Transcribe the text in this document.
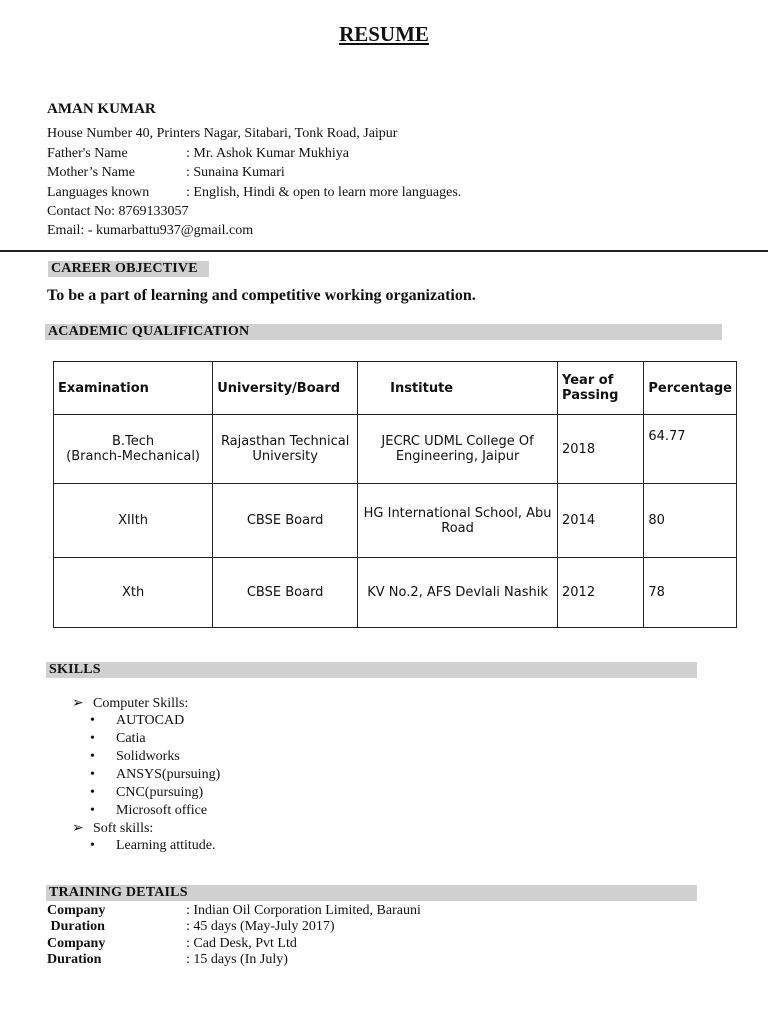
RESUME
AMAN KUMAR
House Number 40, Printers Nagar, Sitabari, Tonk Road, Jaipur
Father's Name	: Mr. Ashok Kumar Mukhiya
Mother’s Name	: Sunaina Kumari
Languages known	: English, Hindi & open to learn more languages.
Contact No: 8769133057
Email: - kumarbattu937@gmail.com
CAREER OBJECTIVE
To be a part of learning and competitive working organization.
ACADEMIC QUALIFICATION
Examination	University/Board	Institute	Year of Passing	Percentage
B.Tech
(Branch-Mechanical)	Rajasthan Technical University	JECRC UDML College Of Engineering, Jaipur	2018	64.77
XIIth	CBSE Board	HG International School, Abu Road	2014	80
Xth	CBSE Board	KV No.2, AFS Devlali Nashik	2012	78
SKILLS
➢ Computer Skills:
• AUTOCAD
• Catia
• Solidworks
• ANSYS(pursuing)
• CNC(pursuing)
• Microsoft office
➢ Soft skills:
• Learning attitude.
TRAINING DETAILS
Company	: Indian Oil Corporation Limited, Barauni
Duration	: 45 days (May-July 2017)
Company	: Cad Desk, Pvt Ltd
Duration	: 15 days (In July)
